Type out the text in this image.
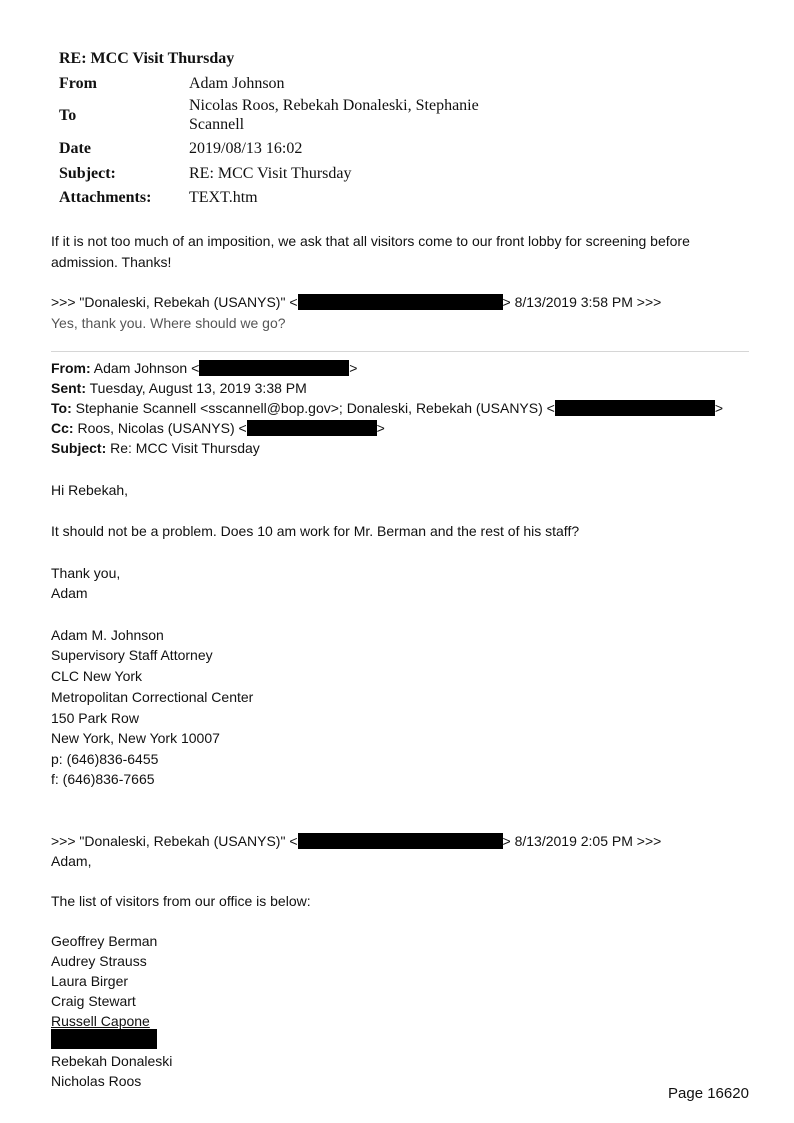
RE: MCC Visit Thursday
From	Adam Johnson
To	Nicolas Roos, Rebekah Donaleski, Stephanie
Scannell

Date	2019/08/13 16:02
Subject:	RE: MCC Visit Thursday
Attachments:	TEXT.htm
If it is not too much of an imposition, we ask that all visitors come to our front lobby for screening before
admission. Thanks!
>>> "Donaleski, Rebekah (USANYS)" <	> 8/13/2019 3:58 PM >>>
Yes, thank you. Where should we go?
From: Adam Johnson <	>
Sent: Tuesday, August 13, 2019 3:38 PM
To: Stephanie Scannell <sscannell@bop.gov>; Donaleski, Rebekah (USANYS) <	>
Cc: Roos, Nicolas (USANYS) <	>
Subject: Re: MCC Visit Thursday
Hi Rebekah,
It should not be a problem. Does 10 am work for Mr. Berman and the rest of his staff?
Thank you,
Adam
Adam M. Johnson
Supervisory Staff Attorney
CLC New York
Metropolitan Correctional Center
150 Park Row
New York, New York 10007
p: (646)836-6455
f: (646)836-7665
>>> "Donaleski, Rebekah (USANYS)" <	> 8/13/2019 2:05 PM >>>
Adam,
The list of visitors from our office is below:
Geoffrey Berman
Audrey Strauss
Laura Birger
Craig Stewart
Russell Capone
Rebekah Donaleski
Nicholas Roos
Page 16620
